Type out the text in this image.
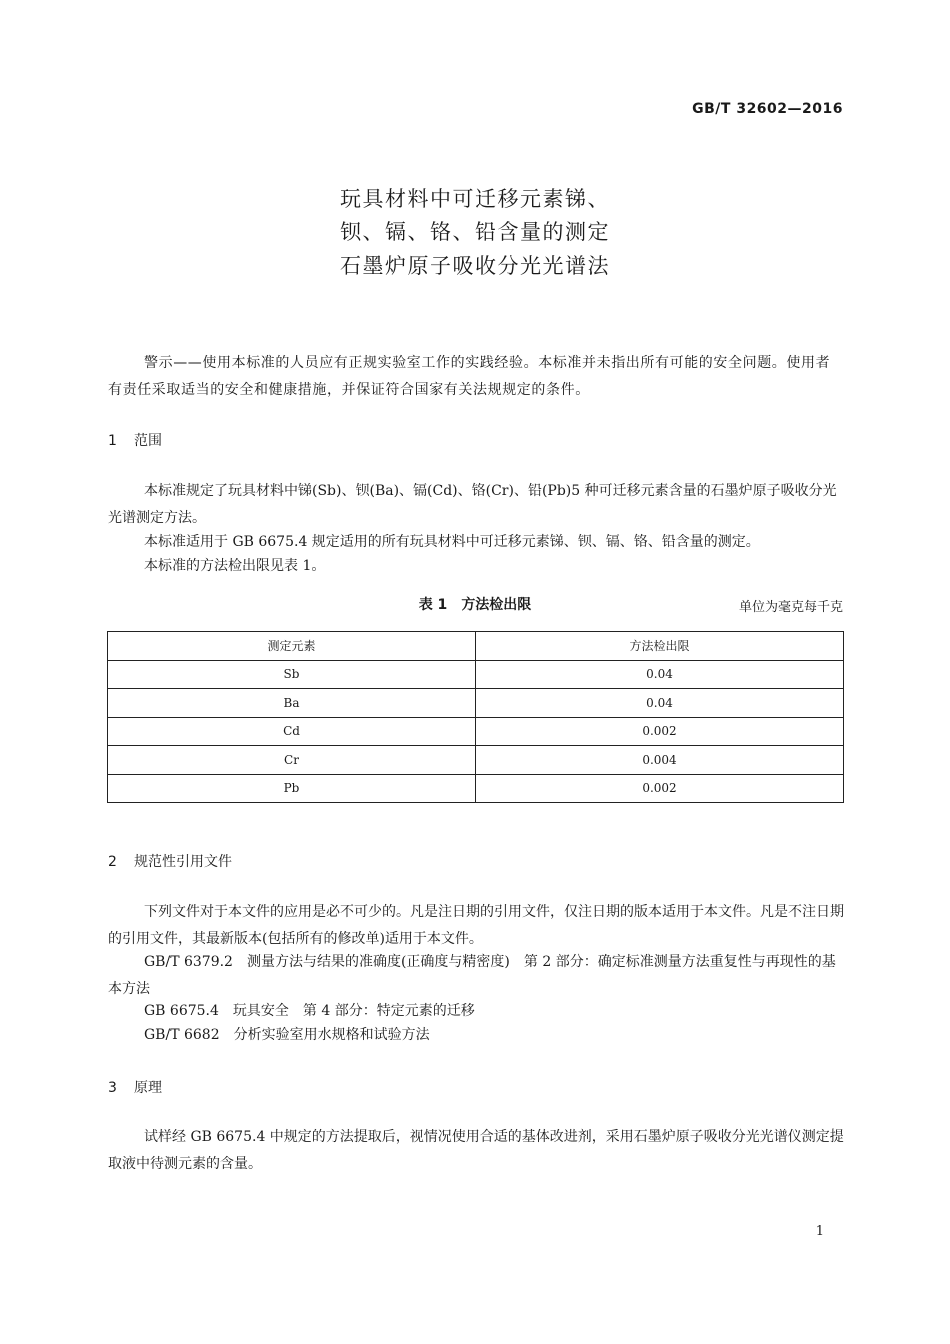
GB/T 32602—2016
玩具材料中可迁移元素锑、
钡、镉、铬、铅含量的测定
石墨炉原子吸收分光光谱法
警示——使用本标准的人员应有正规实验室工作的实践经验。本标准并未指出所有可能的安全问题。使用者有责任采取适当的安全和健康措施，并保证符合国家有关法规规定的条件。
1 范围
本标准规定了玩具材料中锑(Sb)、钡(Ba)、镉(Cd)、铬(Cr)、铅(Pb)5 种可迁移元素含量的石墨炉原子吸收分光光谱测定方法。
本标准适用于 GB 6675.4 规定适用的所有玩具材料中可迁移元素锑、钡、镉、铬、铅含量的测定。
本标准的方法检出限见表 1。
表 1 方法检出限	单位为毫克每千克
测定元素	方法检出限
Sb	0.04
Ba	0.04
Cd	0.002
Cr	0.004
Pb	0.002
2 规范性引用文件
下列文件对于本文件的应用是必不可少的。凡是注日期的引用文件，仅注日期的版本适用于本文件。凡是不注日期的引用文件，其最新版本(包括所有的修改单)适用于本文件。
GB/T 6379.2　测量方法与结果的准确度(正确度与精密度)　第 2 部分：确定标准测量方法重复性与再现性的基本方法
GB 6675.4　玩具安全　第 4 部分：特定元素的迁移
GB/T 6682　分析实验室用水规格和试验方法
3 原理
试样经 GB 6675.4 中规定的方法提取后，视情况使用合适的基体改进剂，采用石墨炉原子吸收分光光谱仪测定提取液中待测元素的含量。
1
